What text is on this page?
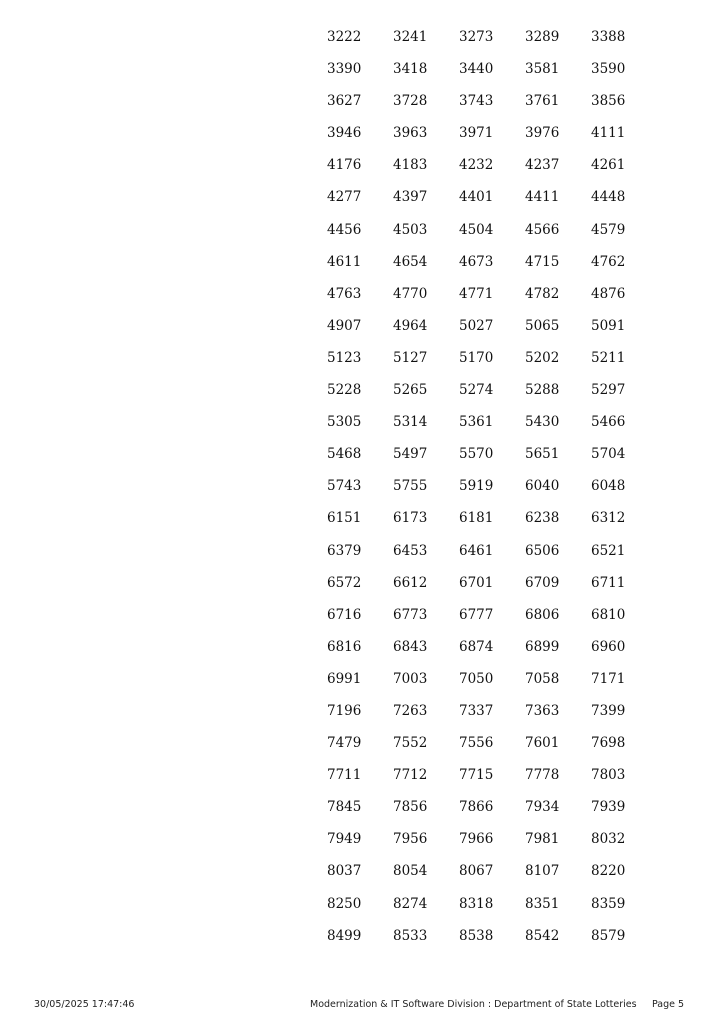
3222	3241	3273	3289	3388
3390	3418	3440	3581	3590
3627	3728	3743	3761	3856
3946	3963	3971	3976	4111
4176	4183	4232	4237	4261
4277	4397	4401	4411	4448
4456	4503	4504	4566	4579
4611	4654	4673	4715	4762
4763	4770	4771	4782	4876
4907	4964	5027	5065	5091
5123	5127	5170	5202	5211
5228	5265	5274	5288	5297
5305	5314	5361	5430	5466
5468	5497	5570	5651	5704
5743	5755	5919	6040	6048
6151	6173	6181	6238	6312
6379	6453	6461	6506	6521
6572	6612	6701	6709	6711
6716	6773	6777	6806	6810
6816	6843	6874	6899	6960
6991	7003	7050	7058	7171
7196	7263	7337	7363	7399
7479	7552	7556	7601	7698
7711	7712	7715	7778	7803
7845	7856	7866	7934	7939
7949	7956	7966	7981	8032
8037	8054	8067	8107	8220
8250	8274	8318	8351	8359
8499	8533	8538	8542	8579
30/05/2025 17:47:46	Modernization & IT Software Division : Department of State Lotteries Page 5
